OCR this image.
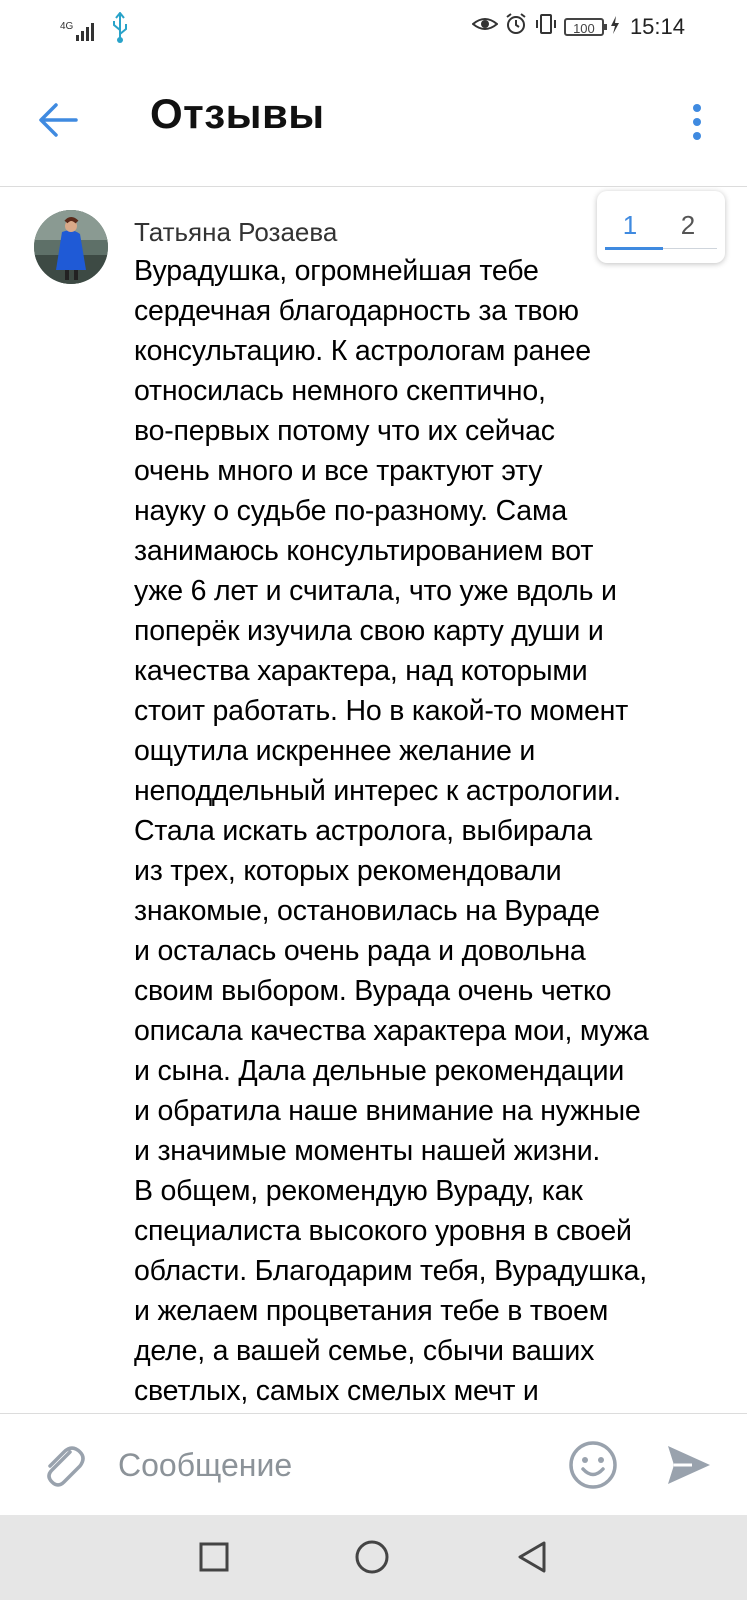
4G	100	15:14
Отзывы
Татьяна Розаева
Вурадушка, огромнейшая тебе
сердечная благодарность за твою
консультацию. К астрологам ранее
относилась немного скептично,
во-первых потому что их сейчас
очень много и все трактуют эту
науку о судьбе по-разному. Сама
занимаюсь консультированием вот
уже 6 лет и считала, что уже вдоль и
поперёк изучила свою карту души и
качества характера, над которыми
стоит работать. Но в какой-то момент
ощутила искреннее желание и
неподдельный интерес к астрологии.
Стала искать астролога, выбирала
из трех, которых рекомендовали
знакомые, остановилась на Вураде
и осталась очень рада и довольна
своим выбором. Вурада очень четко
описала качества характера мои, мужа
и сына. Дала дельные рекомендации
и обратила наше внимание на нужные
и значимые моменты нашей жизни.
В общем, рекомендую Вураду, как
специалиста высокого уровня в своей
области. Благодарим тебя, Вурадушка,
и желаем процветания тебе в твоем
деле, а вашей семье, сбычи ваших
светлых, самых смелых мечт и
1	2
Сообщение
